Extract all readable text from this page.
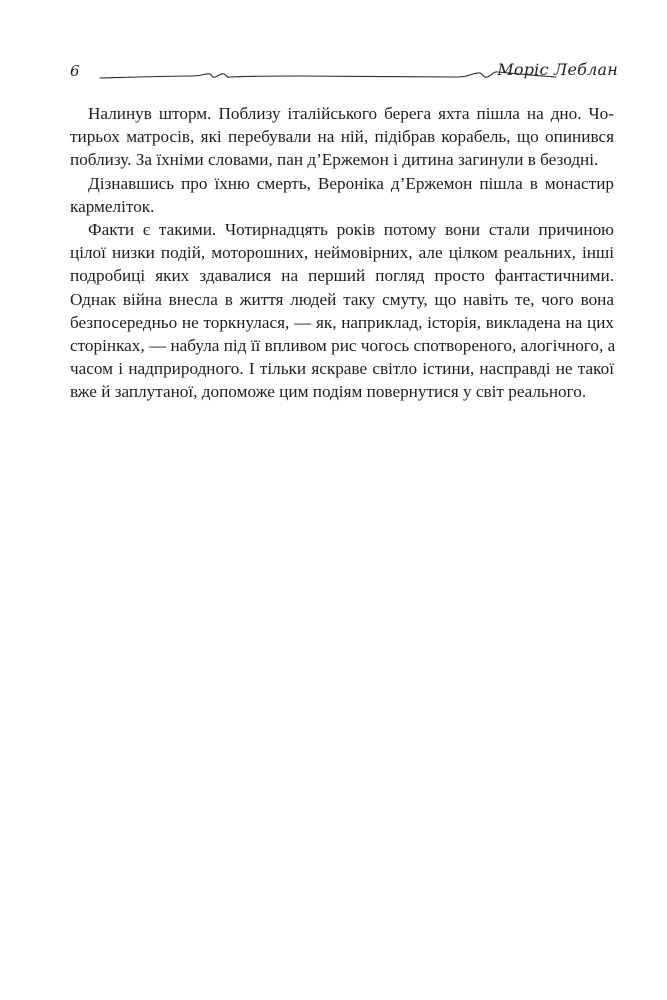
6	Моріс Леблан

Налинув шторм. Поблизу італійського берега яхта пішла на дно. Чо-
тирьох матросів, які перебували на ній, підібрав корабель, що опинився
поблизу. За їхніми словами, пан д’Ержемон і дитина загинули в безодні.

Дізнавшись про їхню смерть, Вероніка д’Ержемон пішла в монастир
кармеліток.

Факти є такими. Чотирнадцять років потому вони стали причиною
цілої низки подій, моторошних, неймовірних, але цілком реальних, інші
подробиці яких здавалися на перший погляд просто фантастичними.
Однак війна внесла в життя людей таку смуту, що навіть те, чого вона
безпосередньо не торкнулася, — як, наприклад, історія, викладена на цих
сторінках, — набула під її впливом рис чогось спотвореного, алогічного, а
часом і надприродного. І тільки яскраве світло істини, насправді не такої
вже й заплутаної, допоможе цим подіям повернутися у світ реального.
